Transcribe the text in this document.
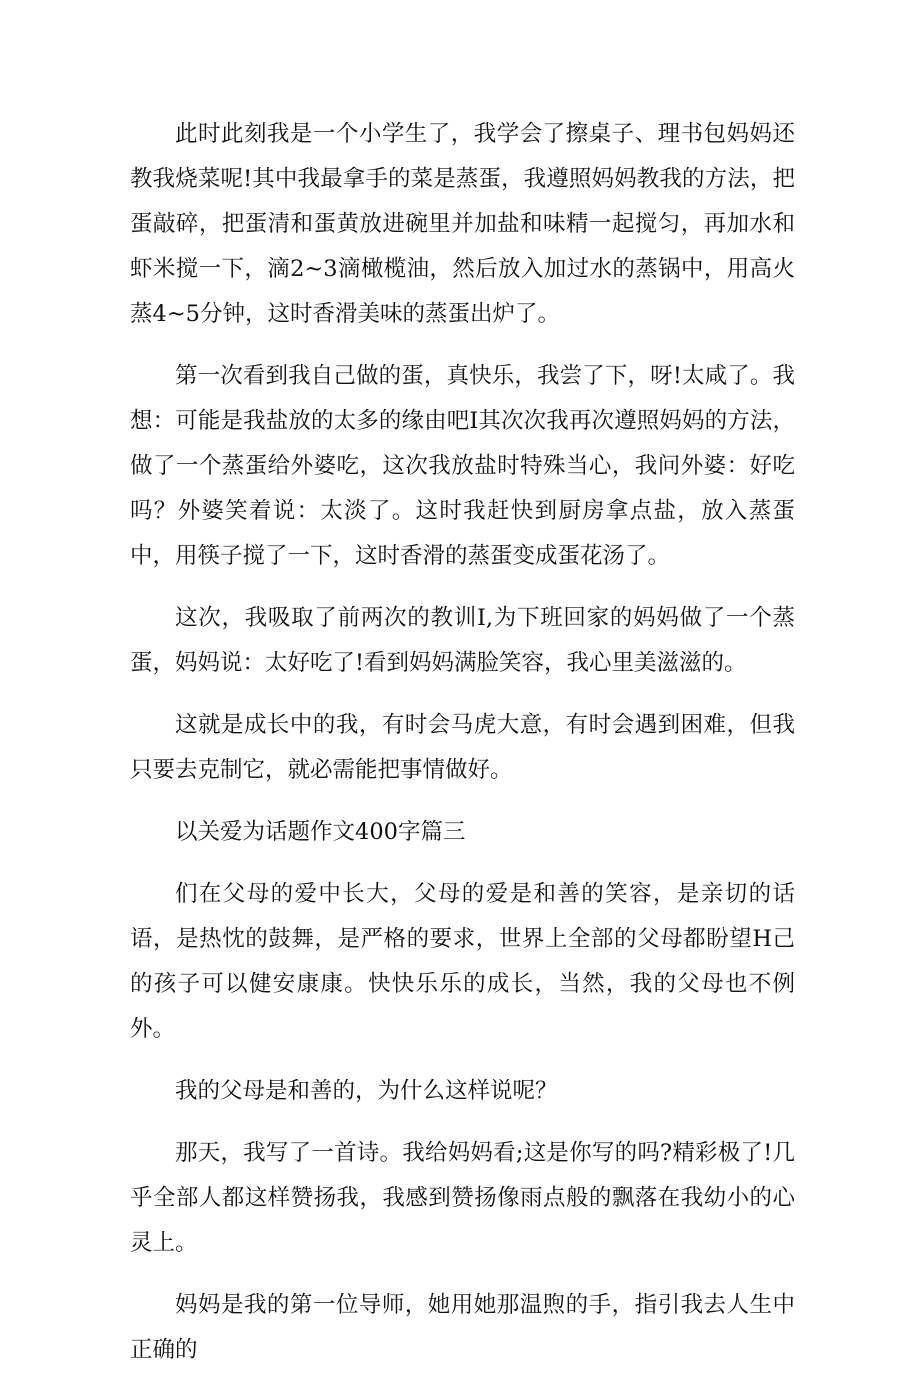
此时此刻我是一个小学生了，我学会了擦桌子、理书包妈妈还教我烧菜呢!其中我最拿手的菜是蒸蛋，我遵照妈妈教我的方法，把蛋敲碎，把蛋清和蛋黄放进碗里并加盐和味精一起搅匀，再加水和虾米搅一下，滴2~3滴橄榄油，然后放入加过水的蒸锅中，用高火蒸4~5分钟，这时香滑美味的蒸蛋出炉了。

第一次看到我自己做的蛋，真快乐，我尝了下，呀!太咸了。我想：可能是我盐放的太多的缘由吧I其次次我再次遵照妈妈的方法，做了一个蒸蛋给外婆吃，这次我放盐时特殊当心，我问外婆：好吃吗？外婆笑着说：太淡了。这时我赶快到厨房拿点盐，放入蒸蛋中，用筷子搅了一下，这时香滑的蒸蛋变成蛋花汤了。

这次，我吸取了前两次的教训I,为下班回家的妈妈做了一个蒸蛋，妈妈说：太好吃了!看到妈妈满脸笑容，我心里美滋滋的。

这就是成长中的我，有时会马虎大意，有时会遇到困难，但我只要去克制它，就必需能把事情做好。

以关爱为话题作文400字篇三

们在父母的爱中长大，父母的爱是和善的笑容，是亲切的话语，是热忱的鼓舞，是严格的要求，世界上全部的父母都盼望H己的孩子可以健安康康。快快乐乐的成长，当然，我的父母也不例外。

我的父母是和善的，为什么这样说呢？

那天，我写了一首诗。我给妈妈看;这是你写的吗?精彩极了!几乎全部人都这样赞扬我，我感到赞扬像雨点般的飘落在我幼小的心灵上。

妈妈是我的第一位导师，她用她那温煦的手，指引我去人生中正确的
